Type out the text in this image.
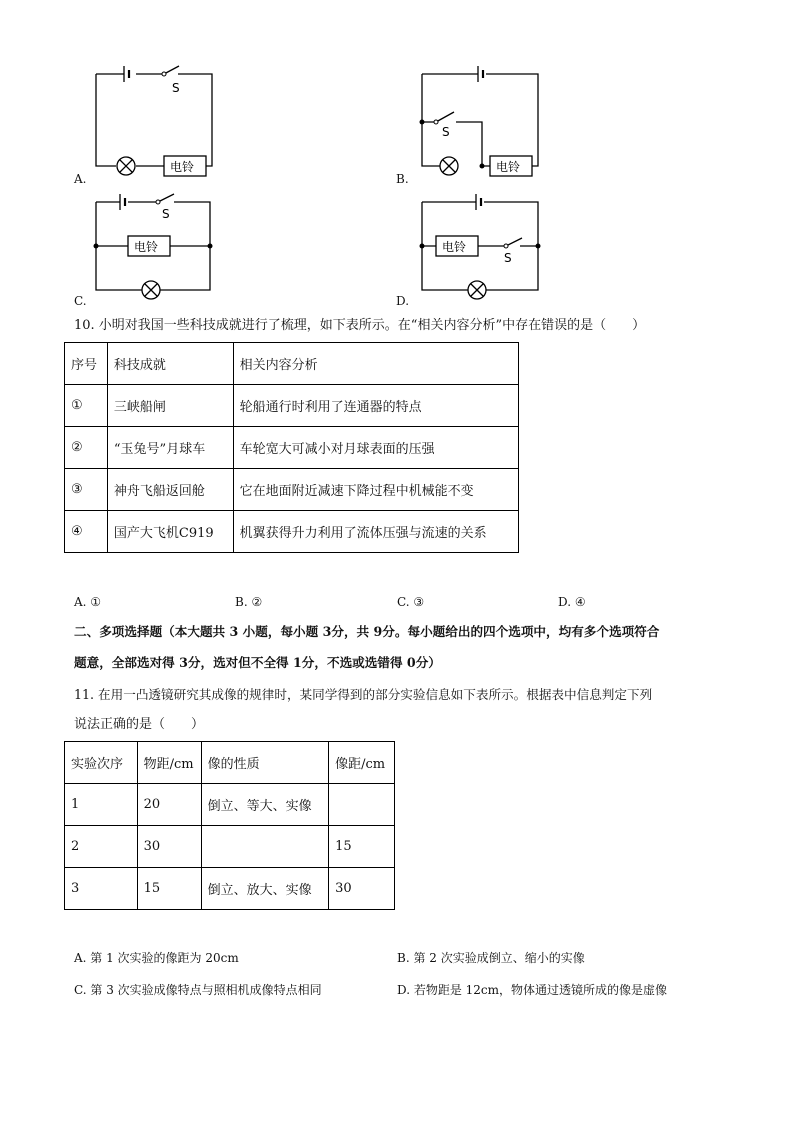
S
电铃
A.
S
电铃
B.
S
电铃
C.
S
电铃
D.
10. 小明对我国一些科技成就进行了梳理，如下表所示。在“相关内容分析”中存在错误的是（　　）
序号	科技成就	相关内容分析
①	三峡船闸	轮船通行时利用了连通器的特点
②	“玉兔号”月球车	车轮宽大可减小对月球表面的压强
③	神舟飞船返回舱	它在地面附近减速下降过程中机械能不变
④	国产大飞机C919	机翼获得升力利用了流体压强与流速的关系
A. ①	B. ②	C. ③	D. ④
二、多项选择题（本大题共 3 小题，每小题 3分，共 9分。每小题给出的四个选项中，均有多个选项符合
题意，全部选对得 3分，选对但不全得 1分，不选或选错得 0分）
11. 在用一凸透镜研究其成像的规律时，某同学得到的部分实验信息如下表所示。根据表中信息判定下列
说法正确的是（　　）
实验次序	物距/cm	像的性质	像距/cm
1	20	倒立、等大、实像	
2	30		15
3	15	倒立、放大、实像	30
A. 第 1 次实验的像距为 20cm	B. 第 2 次实验成倒立、缩小的实像
C. 第 3 次实验成像特点与照相机成像特点相同	D. 若物距是 12cm，物体通过透镜所成的像是虚像
